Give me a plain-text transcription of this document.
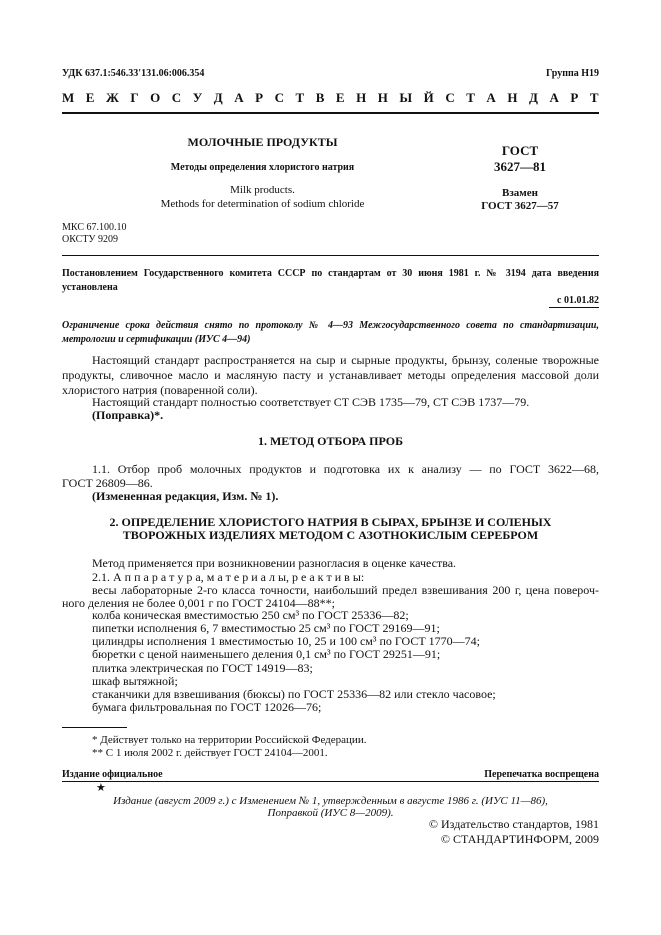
УДК 637.1:546.33'131.06:006.354	Группа Н19
М Е Ж Г О С У Д А Р С Т В Е Н Н Ы Й С Т А Н Д А Р Т
МОЛОЧНЫЕ ПРОДУКТЫ
Методы определения хлористого натрия
Milk products.
Methods for determination of sodium chloride
ГОСТ
3627—81
Взамен
ГОСТ 3627—57
МКС 67.100.10
ОКСТУ 9209
Постановлением Государственного комитета СССР по стандартам от 30 июня 1981 г. № 3194 дата введения
установлена
с 01.01.82
Ограничение срока действия снято по протоколу № 4—93 Межгосударственного совета по стандартизации,
метрологии и сертификации (ИУС 4—94)
Настоящий стандарт распространяется на сыр и сырные продукты, брынзу, соленые творожные
продукты, сливочное масло и масляную пасту и устанавливает методы определения массовой доли
хлористого натрия (поваренной соли).
Настоящий стандарт полностью соответствует СТ СЭВ 1735—79, СТ СЭВ 1737—79.
(Поправка)*.
1. МЕТОД ОТБОРА ПРОБ
1.1. Отбор проб молочных продуктов и подготовка их к анализу — по ГОСТ 3622—68,
ГОСТ 26809—86.
(Измененная редакция, Изм. № 1).
2. ОПРЕДЕЛЕНИЕ ХЛОРИСТОГО НАТРИЯ В СЫРАХ, БРЫНЗЕ И СОЛЕНЫХ
ТВОРОЖНЫХ ИЗДЕЛИЯХ МЕТОДОМ С АЗОТНОКИСЛЫМ СЕРЕБРОМ
Метод применяется при возникновении разногласия в оценке качества.
2.1. А п п а р а т у р а, м а т е р и а л ы, р е а к т и в ы:
весы лабораторные 2-го класса точности, наибольший предел взвешивания 200 г, цена повероч-
ного деления не более 0,001 г по ГОСТ 24104—88**;
колба коническая вместимостью 250 см³ по ГОСТ 25336—82;
пипетки исполнения 6, 7 вместимостью 25 см³ по ГОСТ 29169—91;
цилиндры исполнения 1 вместимостью 10, 25 и 100 см³ по ГОСТ 1770—74;
бюретки с ценой наименьшего деления 0,1 см³ по ГОСТ 29251—91;
плитка электрическая по ГОСТ 14919—83;
шкаф вытяжной;
стаканчики для взвешивания (бюксы) по ГОСТ 25336—82 или стекло часовое;
бумага фильтровальная по ГОСТ 12026—76;
* Действует только на территории Российской Федерации.
** С 1 июля 2002 г. действует ГОСТ 24104—2001.
Издание официальное	Перепечатка воспрещена
★
Издание (август 2009 г.) с Изменением № 1, утвержденным в августе 1986 г. (ИУС 11—86),
Поправкой (ИУС 8—2009).
© Издательство стандартов, 1981
© СТАНДАРТИНФОРМ, 2009
